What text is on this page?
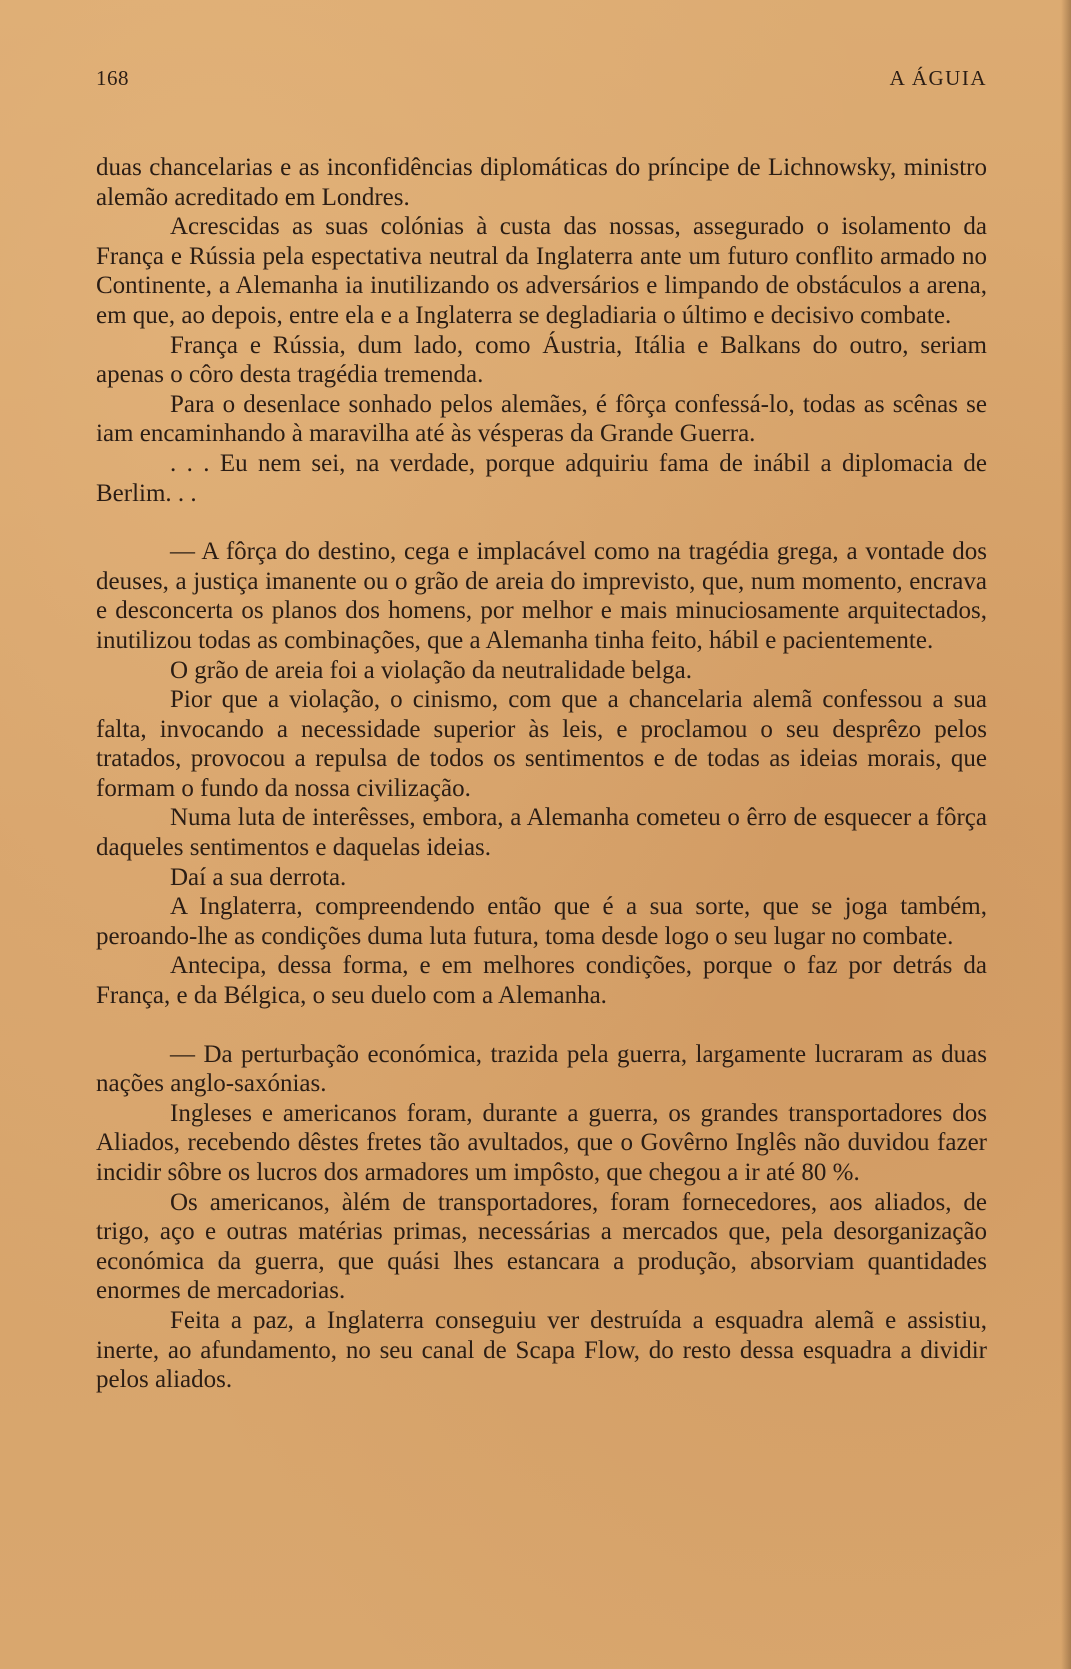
168	A ÁGUIA

duas chancelarias e as inconfidências diplomáticas do príncipe de Lichnowsky, ministro alemão acreditado em Londres.

Acrescidas as suas colónias à custa das nossas, assegurado o isolamento da França e Rússia pela espectativa neutral da Inglaterra ante um futuro conflito armado no Continente, a Alemanha ia inutilizando os adversários e limpando de obstáculos a arena, em que, ao depois, entre ela e a Inglaterra se degladiaria o último e decisivo combate.

França e Rússia, dum lado, como Áustria, Itália e Balkans do outro, seriam apenas o côro desta tragédia tremenda.

Para o desenlace sonhado pelos alemães, é fôrça confessá-lo, todas as scênas se iam encaminhando à maravilha até às vésperas da Grande Guerra.

. . . Eu nem sei, na verdade, porque adquiriu fama de inábil a diplomacia de Berlim. . .

— A fôrça do destino, cega e implacável como na tragédia grega, a vontade dos deuses, a justiça imanente ou o grão de areia do imprevisto, que, num momento, encrava e desconcerta os planos dos homens, por melhor e mais minuciosamente arquitectados, inutilizou todas as combinações, que a Alemanha tinha feito, hábil e pacientemente.

O grão de areia foi a violação da neutralidade belga.

Pior que a violação, o cinismo, com que a chancelaria alemã confessou a sua falta, invocando a necessidade superior às leis, e proclamou o seu desprêzo pelos tratados, provocou a repulsa de todos os sentimentos e de todas as ideias morais, que formam o fundo da nossa civilização.

Numa luta de interêsses, embora, a Alemanha cometeu o êrro de esquecer a fôrça daqueles sentimentos e daquelas ideias.

Daí a sua derrota.

A Inglaterra, compreendendo então que é a sua sorte, que se joga também, peroando-lhe as condições duma luta futura, toma desde logo o seu lugar no combate.

Antecipa, dessa forma, e em melhores condições, porque o faz por detrás da França, e da Bélgica, o seu duelo com a Alemanha.

— Da perturbação económica, trazida pela guerra, largamente lucraram as duas nações anglo-saxónias.

Ingleses e americanos foram, durante a guerra, os grandes transportadores dos Aliados, recebendo dêstes fretes tão avultados, que o Govêrno Inglês não duvidou fazer incidir sôbre os lucros dos armadores um impôsto, que chegou a ir até 80 %.

Os americanos, àlém de transportadores, foram fornecedores, aos aliados, de trigo, aço e outras matérias primas, necessárias a mercados que, pela desorganização económica da guerra, que quási lhes estancara a produção, absorviam quantidades enormes de mercadorias.

Feita a paz, a Inglaterra conseguiu ver destruída a esquadra alemã e assistiu, inerte, ao afundamento, no seu canal de Scapa Flow, do resto dessa esquadra a dividir pelos aliados.
